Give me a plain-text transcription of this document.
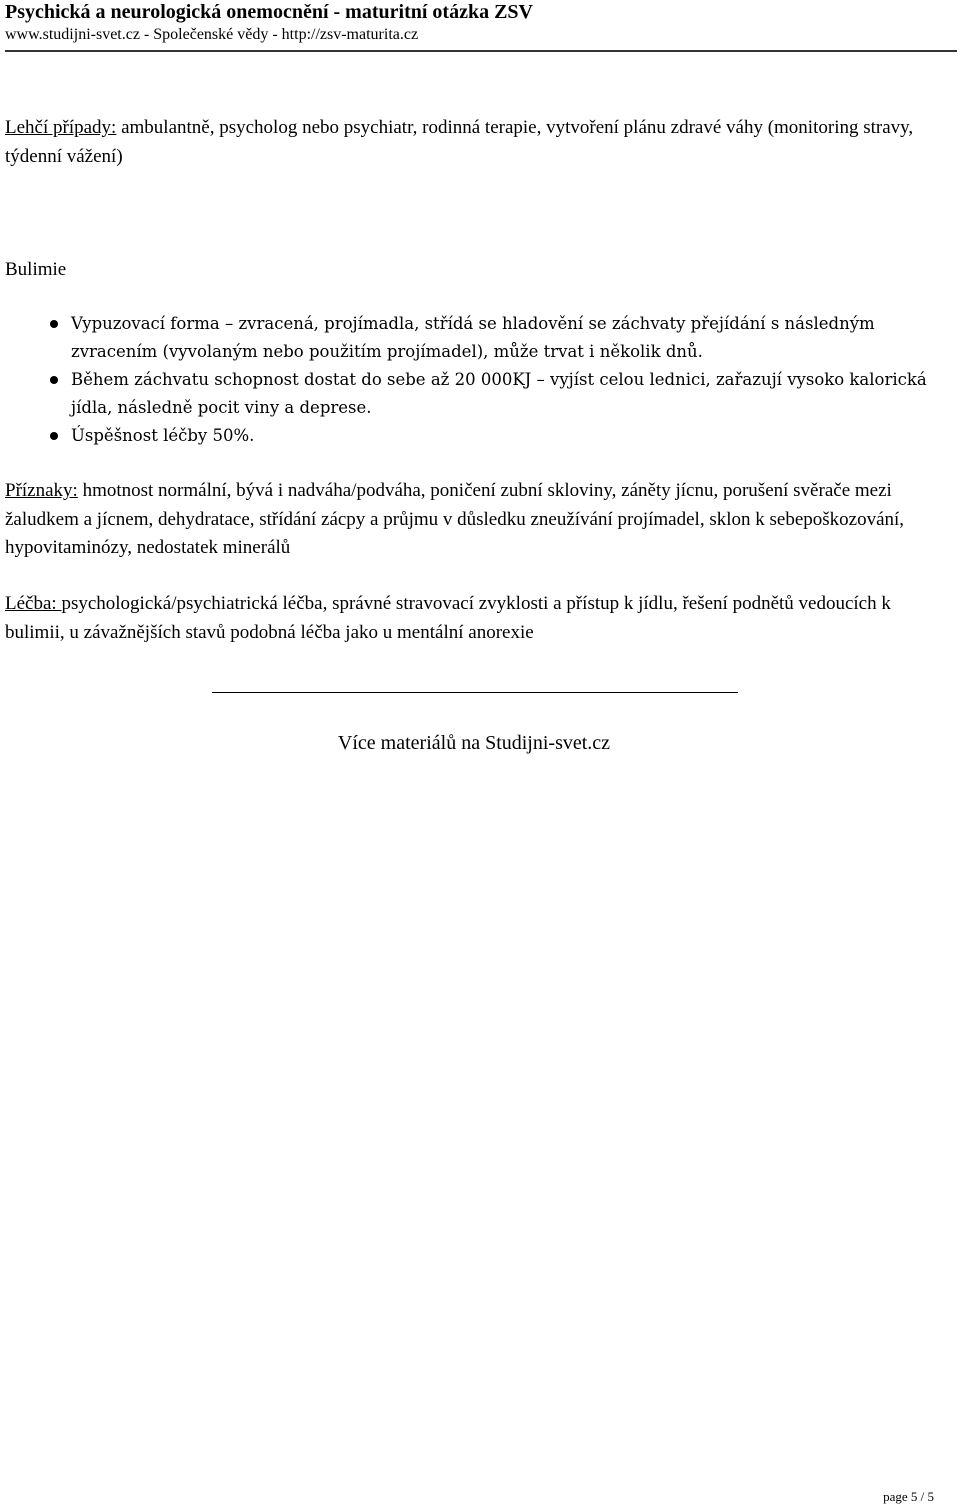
Psychická a neurologická onemocnění - maturitní otázka ZSV
www.studijni-svet.cz - Společenské vědy - http://zsv-maturita.cz

Lehčí případy: ambulantně, psycholog nebo psychiatr, rodinná terapie, vytvoření plánu zdravé váhy (monitoring stravy, týdenní vážení)

Bulimie
Vypuzovací forma – zvracená, projímadla, střídá se hladovění se záchvaty přejídání s následným zvracením (vyvolaným nebo použitím projímadel), může trvat i několik dnů.
Během záchvatu schopnost dostat do sebe až 20 000KJ – vyjíst celou lednici, zařazují vysoko kalorická jídla, následně pocit viny a deprese.
Úspěšnost léčby 50%.

Příznaky: hmotnost normální, bývá i nadváha/podváha, poničení zubní skloviny, záněty jícnu, porušení svěrače mezi žaludkem a jícnem, dehydratace, střídání zácpy a průjmu v důsledku zneužívání projímadel, sklon k sebepoškozování, hypovitaminózy, nedostatek minerálů

Léčba: psychologická/psychiatrická léčba, správné stravovací zvyklosti a přístup k jídlu, řešení podnětů vedoucích k bulimii, u závažnějších stavů podobná léčba jako u mentální anorexie

Více materiálů na Studijni-svet.cz
page 5 / 5
